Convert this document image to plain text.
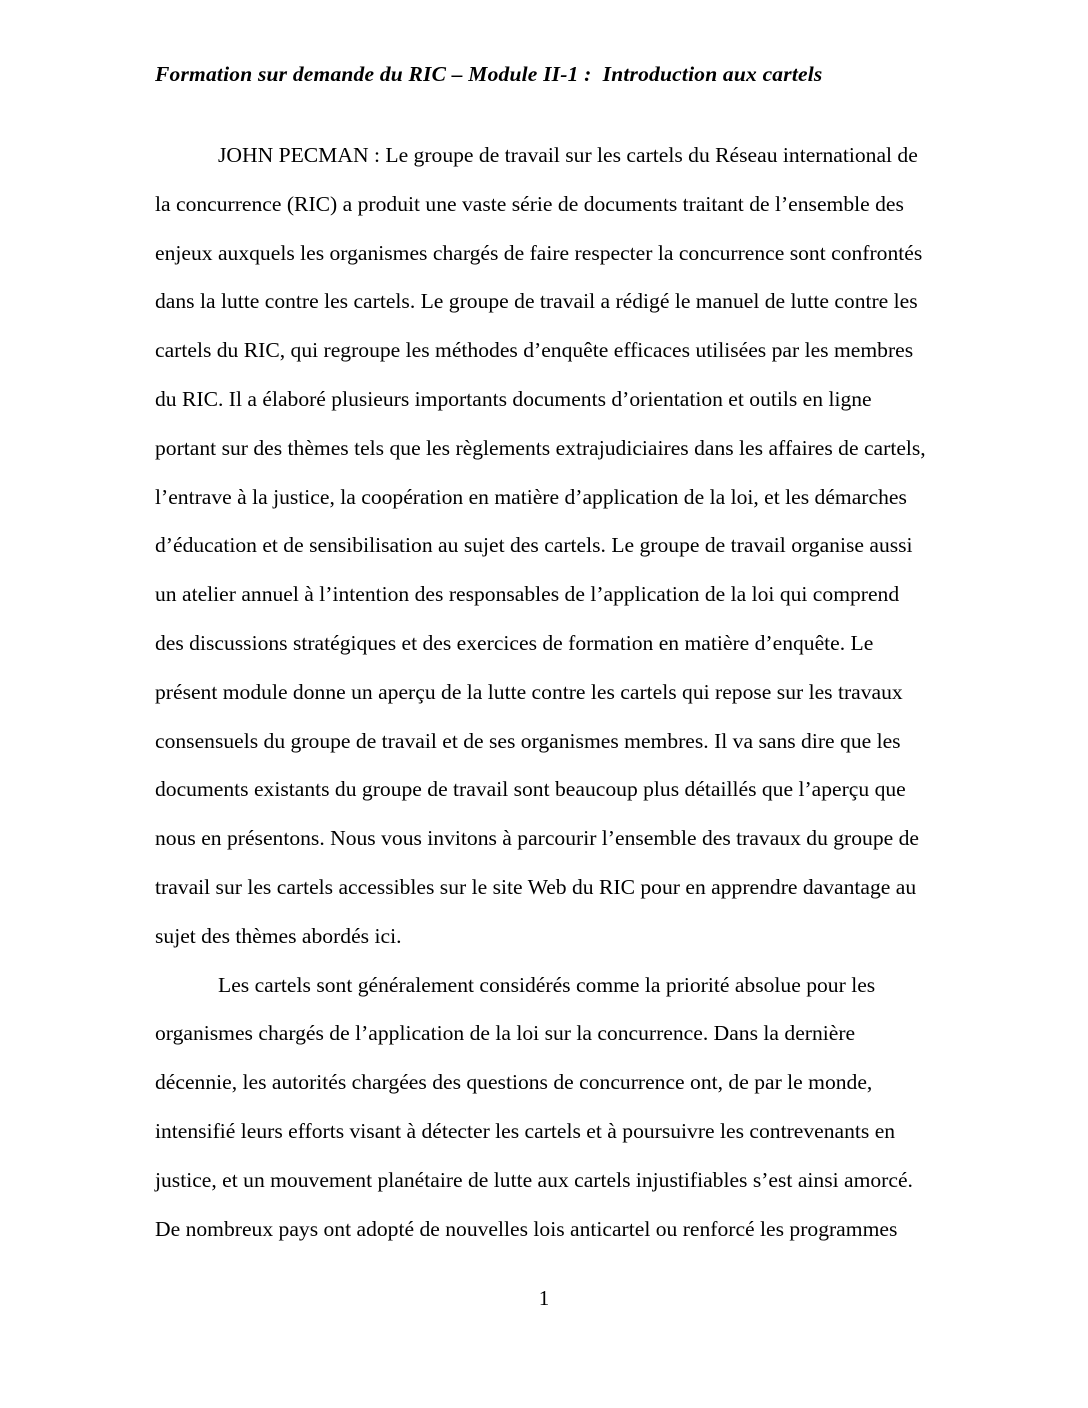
Formation sur demande du RIC – Module II-1 :  Introduction aux cartels
JOHN PECMAN : Le groupe de travail sur les cartels du Réseau international de
la concurrence (RIC) a produit une vaste série de documents traitant de l’ensemble des
enjeux auxquels les organismes chargés de faire respecter la concurrence sont confrontés
dans la lutte contre les cartels. Le groupe de travail a rédigé le manuel de lutte contre les
cartels du RIC, qui regroupe les méthodes d’enquête efficaces utilisées par les membres
du RIC. Il a élaboré plusieurs importants documents d’orientation et outils en ligne
portant sur des thèmes tels que les règlements extrajudiciaires dans les affaires de cartels,
l’entrave à la justice, la coopération en matière d’application de la loi, et les démarches
d’éducation et de sensibilisation au sujet des cartels. Le groupe de travail organise aussi
un atelier annuel à l’intention des responsables de l’application de la loi qui comprend
des discussions stratégiques et des exercices de formation en matière d’enquête. Le
présent module donne un aperçu de la lutte contre les cartels qui repose sur les travaux
consensuels du groupe de travail et de ses organismes membres. Il va sans dire que les
documents existants du groupe de travail sont beaucoup plus détaillés que l’aperçu que
nous en présentons. Nous vous invitons à parcourir l’ensemble des travaux du groupe de
travail sur les cartels accessibles sur le site Web du RIC pour en apprendre davantage au
sujet des thèmes abordés ici.
Les cartels sont généralement considérés comme la priorité absolue pour les
organismes chargés de l’application de la loi sur la concurrence. Dans la dernière
décennie, les autorités chargées des questions de concurrence ont, de par le monde,
intensifié leurs efforts visant à détecter les cartels et à poursuivre les contrevenants en
justice, et un mouvement planétaire de lutte aux cartels injustifiables s’est ainsi amorcé.
De nombreux pays ont adopté de nouvelles lois anticartel ou renforcé les programmes
1
